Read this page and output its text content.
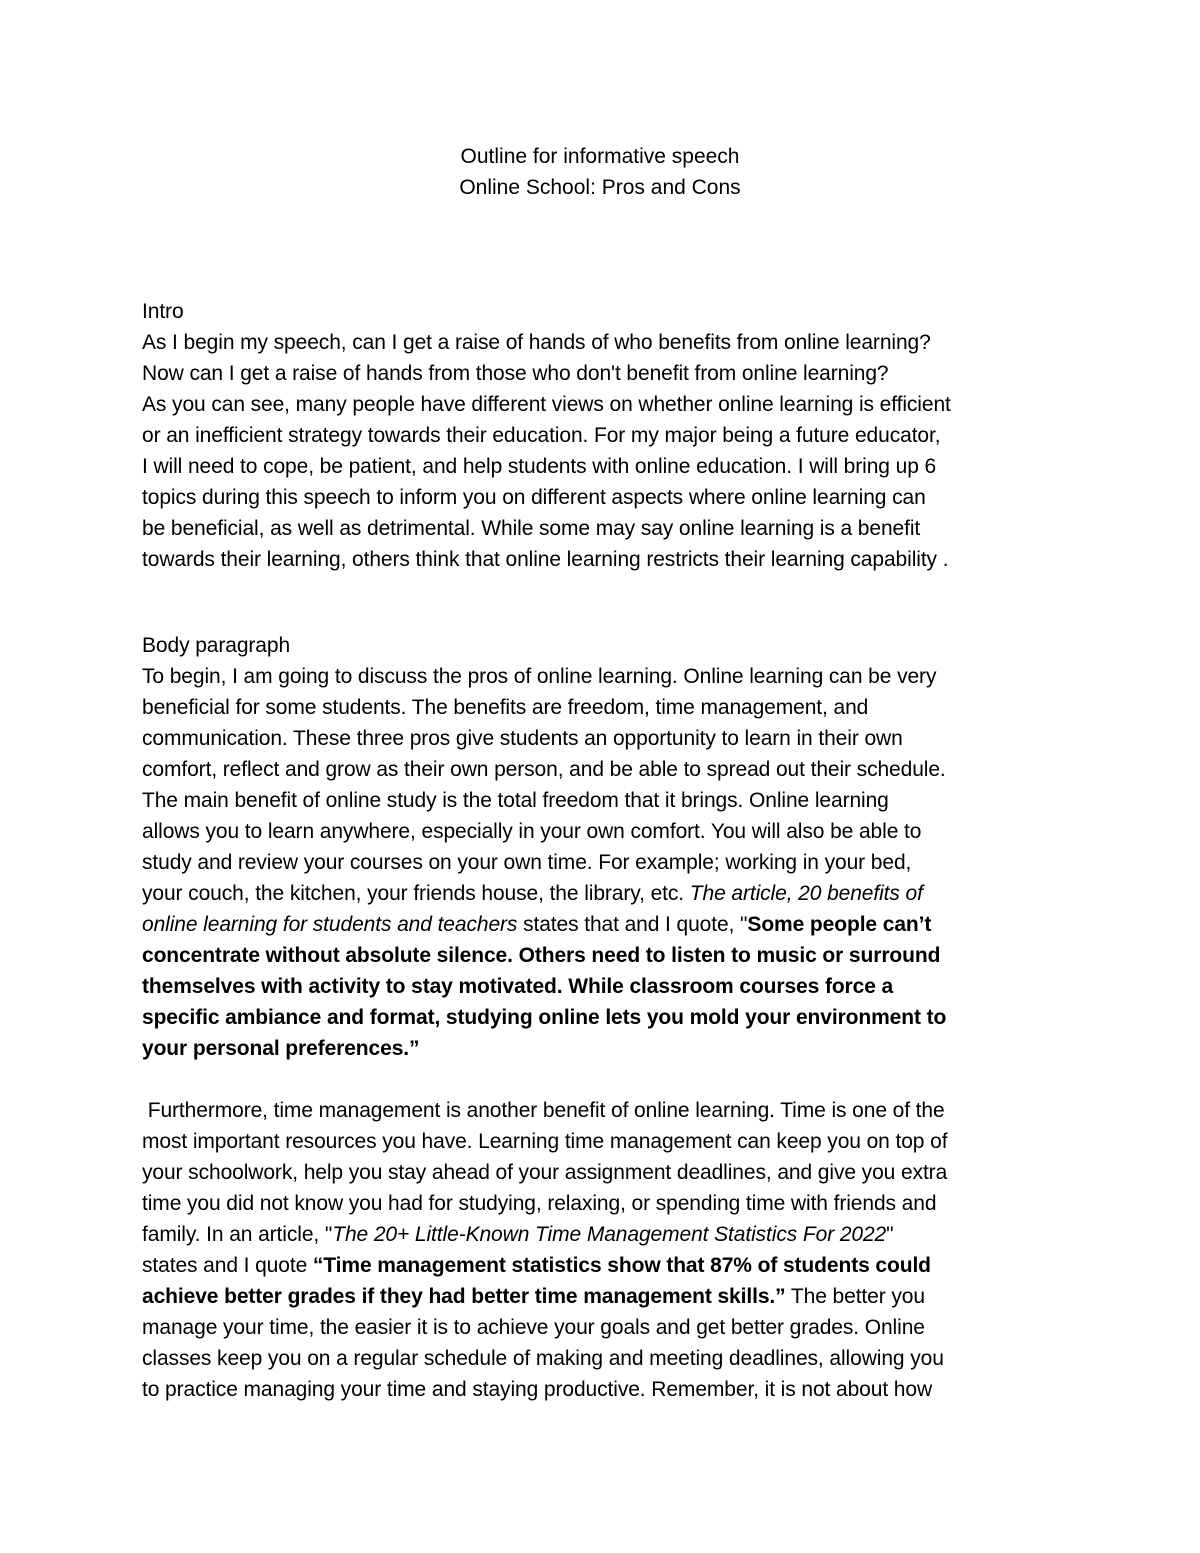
Outline for informative speech
Online School: Pros and Cons
Intro
As I begin my speech, can I get a raise of hands of who benefits from online learning?
Now can I get a raise of hands from those who don't benefit from online learning?
As you can see, many people have different views on whether online learning is efficient
or an inefficient strategy towards their education. For my major being a future educator,
I will need to cope, be patient, and help students with online education. I will bring up 6
topics during this speech to inform you on different aspects where online learning can
be beneficial, as well as detrimental. While some may say online learning is a benefit
towards their learning, others think that online learning restricts their learning capability .
Body paragraph
To begin, I am going to discuss the pros of online learning. Online learning can be very
beneficial for some students. The benefits are freedom, time management, and
communication. These three pros give students an opportunity to learn in their own
comfort, reflect and grow as their own person, and be able to spread out their schedule.
The main benefit of online study is the total freedom that it brings. Online learning
allows you to learn anywhere, especially in your own comfort. You will also be able to
study and review your courses on your own time. For example; working in your bed,
your couch, the kitchen, your friends house, the library, etc. The article, 20 benefits of
online learning for students and teachers states that and I quote, "Some people can’t
concentrate without absolute silence. Others need to listen to music or surround
themselves with activity to stay motivated. While classroom courses force a
specific ambiance and format, studying online lets you mold your environment to
your personal preferences.”
Furthermore, time management is another benefit of online learning. Time is one of the
most important resources you have. Learning time management can keep you on top of
your schoolwork, help you stay ahead of your assignment deadlines, and give you extra
time you did not know you had for studying, relaxing, or spending time with friends and
family. In an article, "The 20+ Little-Known Time Management Statistics For 2022"
states and I quote “Time management statistics show that 87% of students could
achieve better grades if they had better time management skills.” The better you
manage your time, the easier it is to achieve your goals and get better grades. Online
classes keep you on a regular schedule of making and meeting deadlines, allowing you
to practice managing your time and staying productive. Remember, it is not about how
